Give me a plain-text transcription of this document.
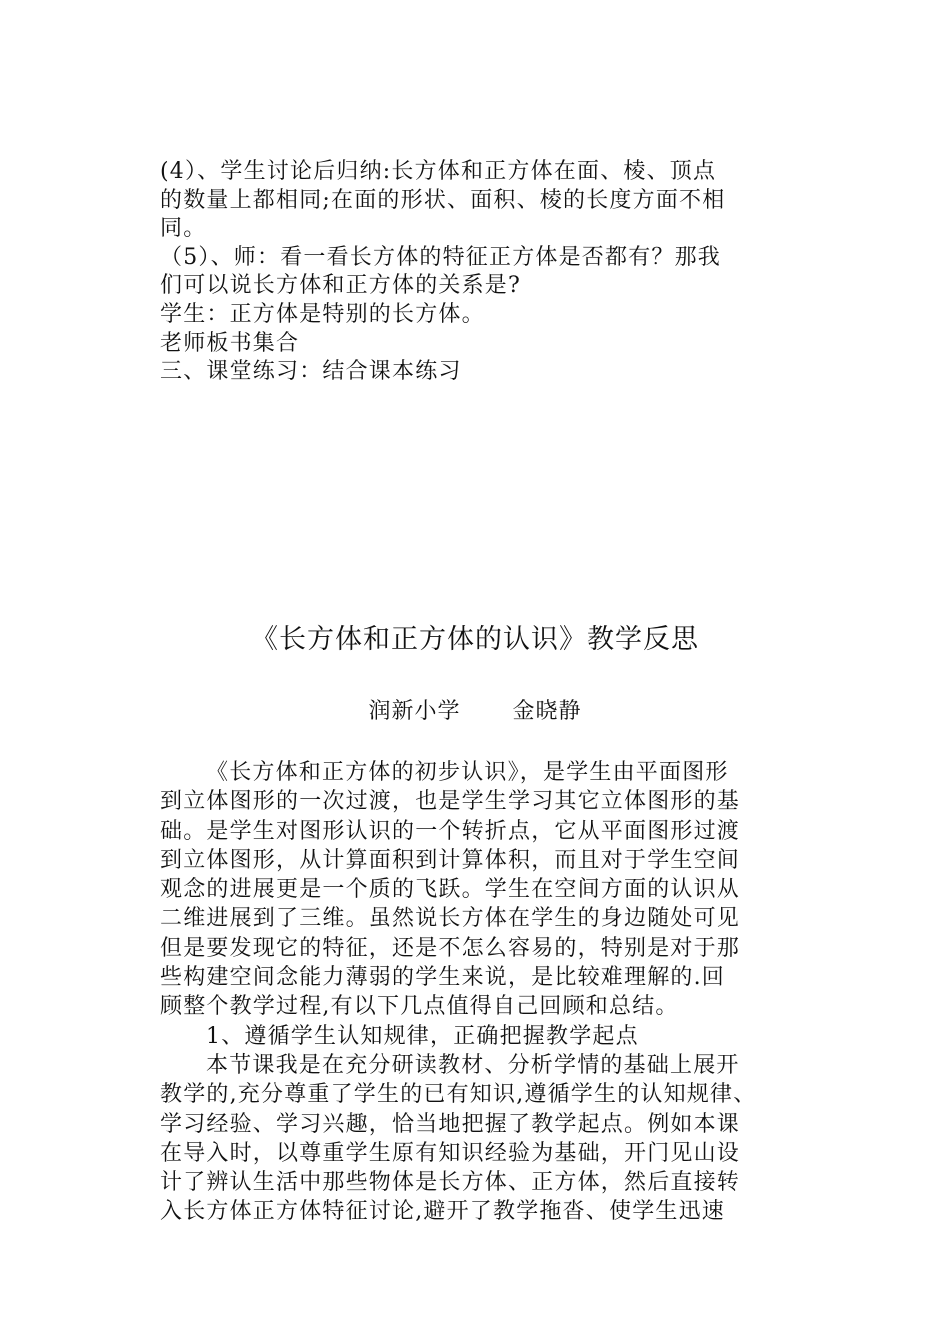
(4）、学生讨论后归纳:长方体和正方体在面、棱、顶点
的数量上都相同;在面的形状、面积、棱的长度方面不相
同。
（5）、师：看一看长方体的特征正方体是否都有？那我
们可以说长方体和正方体的关系是?
学生：正方体是特别的长方体。
老师板书集合
三、课堂练习：结合课本练习
《长方体和正方体的认识》教学反思
润新小学 金晓静
《长方体和正方体的初步认识》，是学生由平面图形
到立体图形的一次过渡，也是学生学习其它立体图形的基
础。是学生对图形认识的一个转折点，它从平面图形过渡
到立体图形，从计算面积到计算体积，而且对于学生空间
观念的进展更是一个质的飞跃。学生在空间方面的认识从
二维进展到了三维。虽然说长方体在学生的身边随处可见
但是要发现它的特征，还是不怎么容易的，特别是对于那
些构建空间念能力薄弱的学生来说，是比较难理解的.回
顾整个教学过程,有以下几点值得自己回顾和总结。
1、遵循学生认知规律，正确把握教学起点
本节课我是在充分研读教材、分析学情的基础上展开
教学的,充分尊重了学生的已有知识,遵循学生的认知规律、
学习经验、学习兴趣，恰当地把握了教学起点。例如本课
在导入时，以尊重学生原有知识经验为基础，开门见山设
计了辨认生活中那些物体是长方体、正方体，然后直接转
入长方体正方体特征讨论,避开了教学拖沓、使学生迅速
